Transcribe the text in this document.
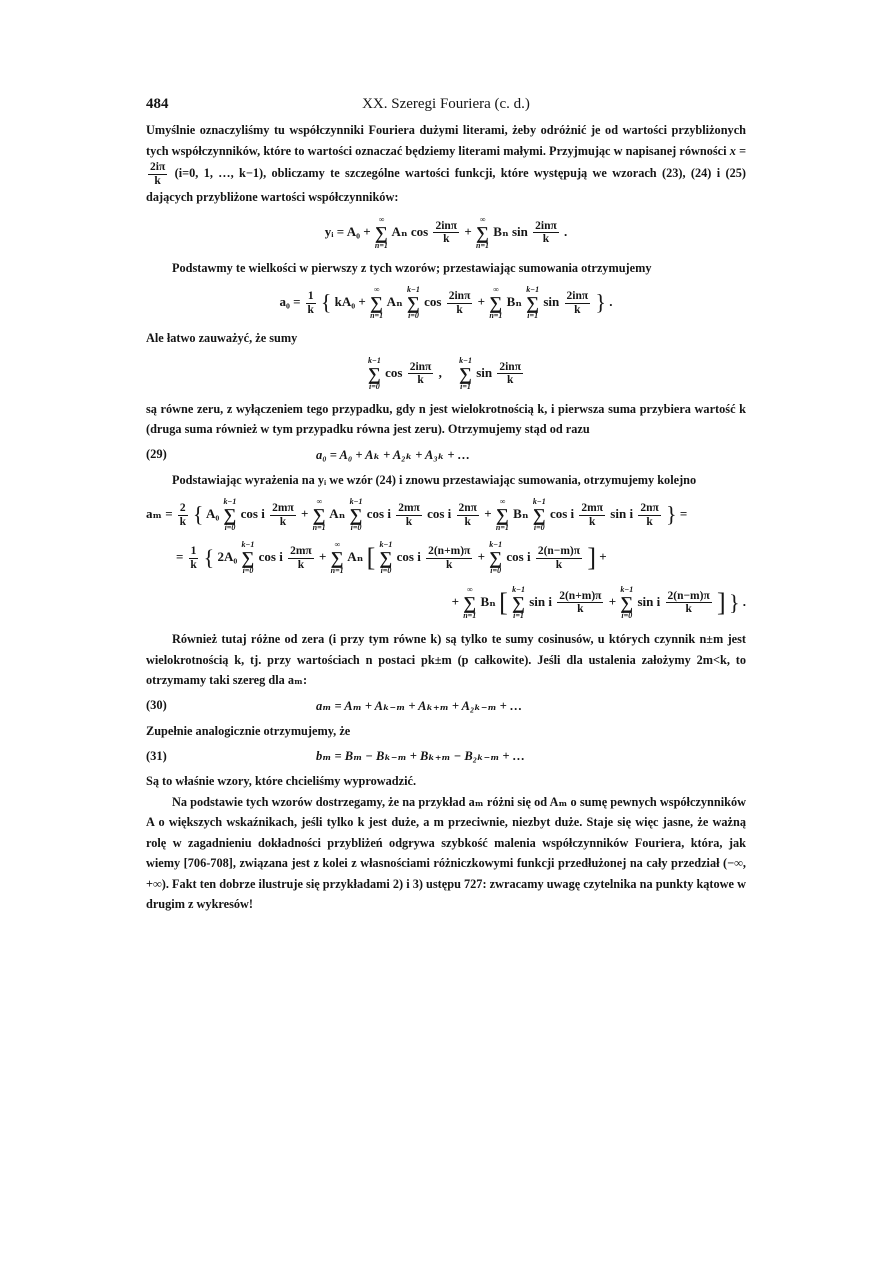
484	XX. Szeregi Fouriera (c. d.)

Umyślnie oznaczyliśmy tu współczynniki Fouriera dużymi literami, żeby odróżnić je od wartości przybliżonych tych współczynników, które to wartości oznaczać będziemy literami małymi. Przyjmując w napisanej równości x =
$\frac{2i\pi}{k} (i=0$, 1, …, k−1), obliczamy te szczególne wartości funkcji, które występują we wzorach (23), (24) i (25) dających przybliżone wartości współczynników:

yᵢ = A₀ +
∞
∑
n=1
Aₙ cos 2inπ
k
+
∞
∑
n=1
Bₙ sin 2inπ
k
.

Podstawmy te wielkości w pierwszy z tych wzorów; przestawiając sumowania otrzymujemy

$a_0 = \frac{1}{k}$ { kA₀ +
∞
∑
n=1
Aₙ
k−1
∑
i=0
cos 2inπ
k
+
∞
∑
n=1
Bₙ
k−1
∑
i=1
sin 2inπ
k } .

Ale łatwo zauważyć, że sumy

k−1
∑
i=0
cos 2inπ
k
,
k−1
∑
i=1
sin 2inπ
k

są równe zeru, z wyłączeniem tego przypadku, gdy n jest wielokrotnością k, i pierwsza suma przybiera wartość k (druga suma również w tym przypadku równa jest zeru). Otrzymujemy stąd od razu

(29)	a₀ = A₀ + Aₖ + A₂ₖ + A₃ₖ + …

Podstawiając wyrażenia na yᵢ we wzór (24) i znowu przestawiając sumowania, otrzymujemy kolejno

$a_m = \frac{2}{k}$ { A₀
k−1
∑
i=0
cos i $\frac{2m\pi}{k}$ +
∞
∑
n=1
Aₙ
k−1
∑
i=0
cos i $\frac{2m\pi}{k}$ cos i $\frac{2n\pi}{k}$ +
∞
∑
n=1
Bₙ
k−1
∑
i=0
cos i $\frac{2m\pi}{k}$ sin i $\frac{2n\pi}{k}$ } =
= $\frac{1}{k}$ { 2A₀
k−1
∑
i=0
cos i $\frac{2m\pi}{k}$ +
∞
∑
n=1
Aₙ [ k−1
∑
i=0
cos i $\frac{2(n+m)\pi}{k}$ +
k−1
∑
i=0
cos i $\frac{2(n-m)\pi}{k}$ ] +
+
∞
∑
n=1
Bₙ [ k−1
∑
i=1
sin i $\frac{2(n+m)\pi}{k}$ +
k−1
∑
i=0
sin i $\frac{2(n-m)\pi}{k}$ ] } .

Również tutaj różne od zera (i przy tym równe k) są tylko te sumy cosinusów, u których czynnik n±m jest wielokrotnością k, tj. przy wartościach n postaci pk±m (p całkowite). Jeśli dla ustalenia założymy 2m<k, to otrzymamy taki szereg dla aₘ:

(30)	aₘ = Aₘ + Aₖ₋ₘ + Aₖ₊ₘ + A₂ₖ₋ₘ + …

Zupełnie analogicznie otrzymujemy, że

(31)	bₘ = Bₘ − Bₖ₋ₘ + Bₖ₊ₘ − B₂ₖ₋ₘ + …

Są to właśnie wzory, które chcieliśmy wyprowadzić.

Na podstawie tych wzorów dostrzegamy, że na przykład aₘ różni się od Aₘ o sumę pewnych współczynników A o większych wskaźnikach, jeśli tylko k jest duże, a m przeciwnie, niezbyt duże. Staje się więc jasne, że ważną rolę w zagadnieniu dokładności przybliżeń odgrywa szybkość malenia współczynników Fouriera, która, jak wiemy [706-708], związana jest z kolei z własnościami różniczkowymi funkcji przedłużonej na cały przedział (−∞, +∞). Fakt ten dobrze ilustruje się przykładami 2) i 3) ustępu 727: zwracamy uwagę czytelnika na punkty kątowe w drugim z wykresów!
